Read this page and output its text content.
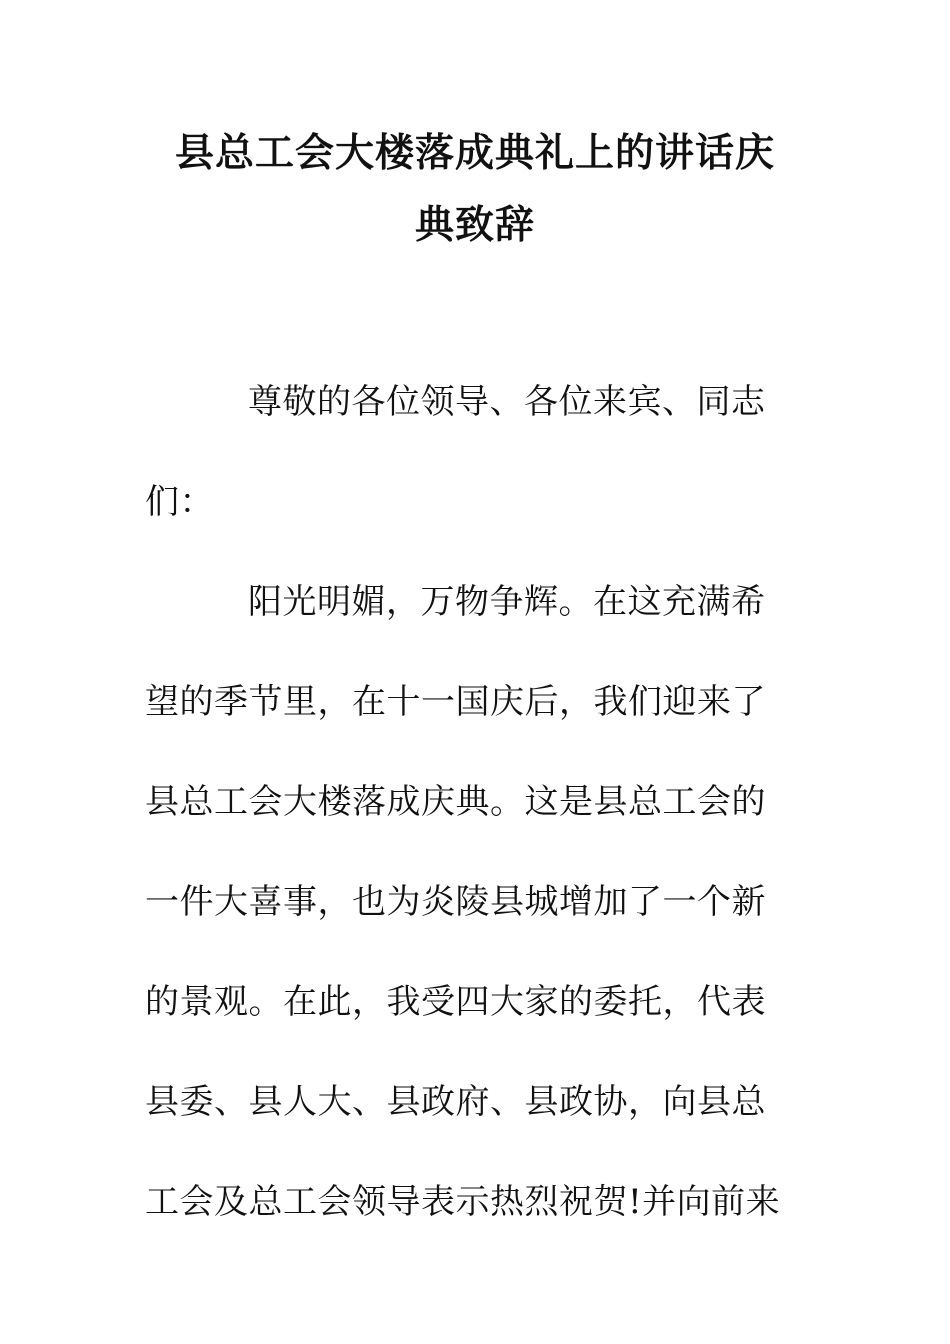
县总工会大楼落成典礼上的讲话庆
典致辞
尊敬的各位领导、各位来宾、同志
们：
阳光明媚，万物争辉。在这充满希
望的季节里，在十一国庆后，我们迎来了
县总工会大楼落成庆典。这是县总工会的
一件大喜事，也为炎陵县城增加了一个新
的景观。在此，我受四大家的委托，代表
县委、县人大、县政府、县政协，向县总
工会及总工会领导表示热烈祝贺!并向前来
